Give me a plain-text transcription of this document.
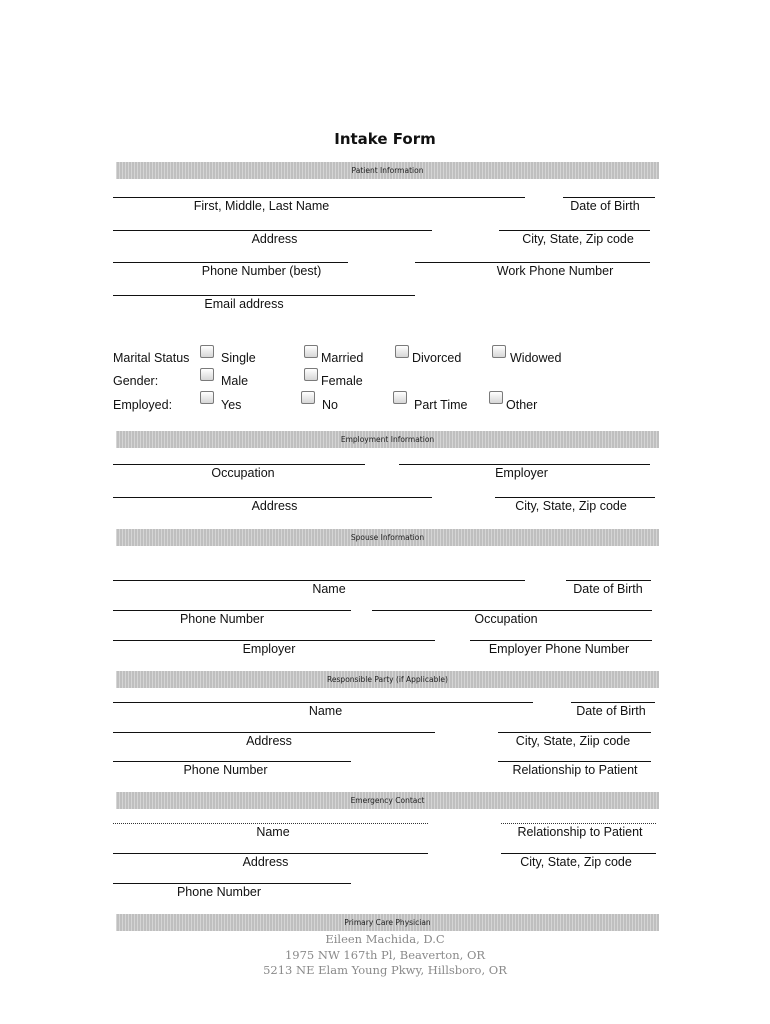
Intake Form
Patient Information
First, Middle, Last Name	Date of Birth
Address	City, State, Zip code
Phone Number (best)	Work Phone Number
Email address
Marital Status	Single	Married	Divorced	Widowed
Gender:	Male	Female
Employed:	Yes	No	Part Time	Other
Employment Information
Occupation	Employer
Address	City, State, Zip code
Spouse Information
Name	Date of Birth
Phone Number	Occupation
Employer	Employer Phone Number
Responsible Party (if Applicable)
Name	Date of Birth
Address	City, State, Ziip code
Phone Number	Relationship to Patient
Emergency Contact
Name	Relationship to Patient
Address	City, State, Zip code
Phone Number
Primary Care Physician
Eileen Machida, D.C
1975 NW 167th Pl, Beaverton, OR
5213 NE Elam Young Pkwy, Hillsboro, OR
